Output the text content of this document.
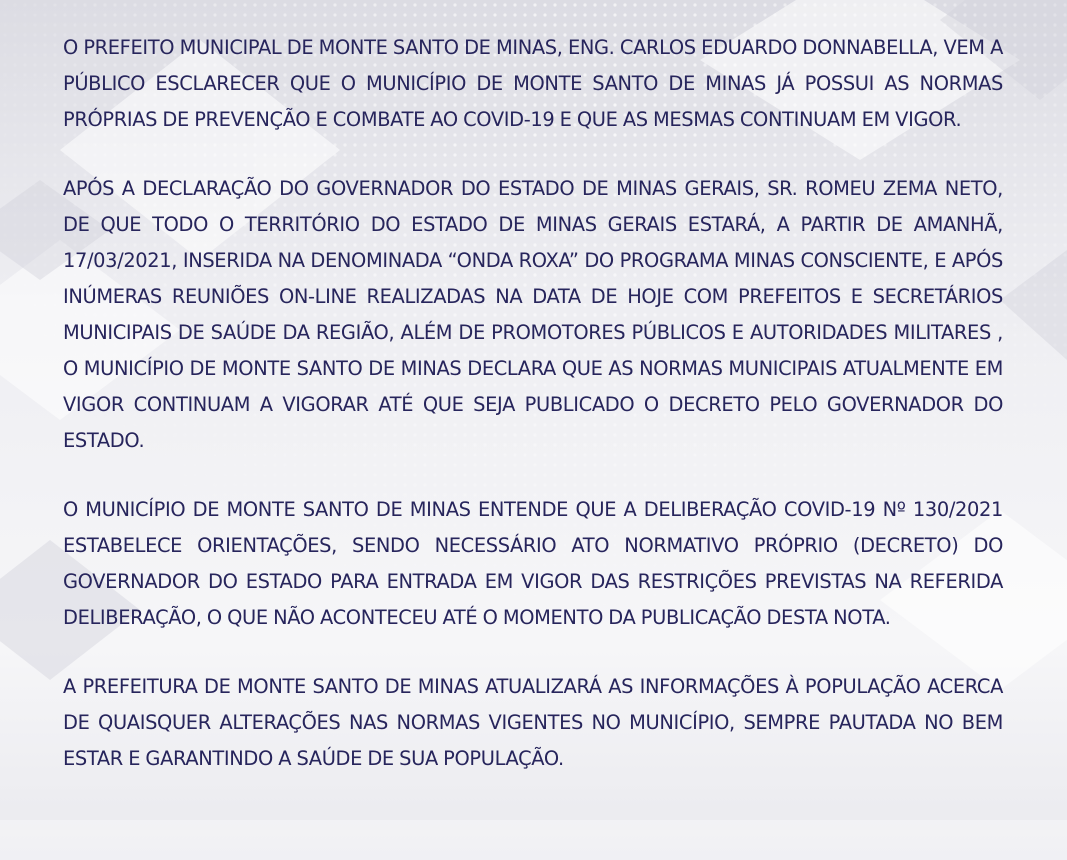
O PREFEITO MUNICIPAL DE MONTE SANTO DE MINAS, ENG. CARLOS EDUARDO DONNABELLA, VEM A PÚBLICO ESCLARECER QUE O MUNICÍPIO DE MONTE SANTO DE MINAS JÁ POSSUI AS NORMAS PRÓPRIAS DE PREVENÇÃO E COMBATE AO COVID-19 E QUE AS MESMAS CONTINUAM EM VIGOR.

APÓS A DECLARAÇÃO DO GOVERNADOR DO ESTADO DE MINAS GERAIS, SR. ROMEU ZEMA NETO, DE QUE TODO O TERRITÓRIO DO ESTADO DE MINAS GERAIS ESTARÁ, A PARTIR DE AMANHÃ, 17/03/2021, INSERIDA NA DENOMINADA “ONDA ROXA” DO PROGRAMA MINAS CONSCIENTE, E APÓS INÚMERAS REUNIÕES ON-LINE REALIZADAS NA DATA DE HOJE COM PREFEITOS E SECRETÁRIOS MUNICIPAIS DE SAÚDE DA REGIÃO, ALÉM DE PROMOTORES PÚBLICOS E AUTORIDADES MILITARES , O MUNICÍPIO DE MONTE SANTO DE MINAS DECLARA QUE AS NORMAS MUNICIPAIS ATUALMENTE EM VIGOR CONTINUAM A VIGORAR ATÉ QUE SEJA PUBLICADO O DECRETO PELO GOVERNADOR DO ESTADO.

O MUNICÍPIO DE MONTE SANTO DE MINAS ENTENDE QUE A DELIBERAÇÃO COVID-19 Nº 130/2021 ESTABELECE ORIENTAÇÕES, SENDO NECESSÁRIO ATO NORMATIVO PRÓPRIO (DECRETO) DO GOVERNADOR DO ESTADO PARA ENTRADA EM VIGOR DAS RESTRIÇÕES PREVISTAS NA REFERIDA DELIBERAÇÃO, O QUE NÃO ACONTECEU ATÉ O MOMENTO DA PUBLICAÇÃO DESTA NOTA.

A PREFEITURA DE MONTE SANTO DE MINAS ATUALIZARÁ AS INFORMAÇÕES À POPULAÇÃO ACERCA DE QUAISQUER ALTERAÇÕES NAS NORMAS VIGENTES NO MUNICÍPIO, SEMPRE PAUTADA NO BEM ESTAR E GARANTINDO A SAÚDE DE SUA POPULAÇÃO.
